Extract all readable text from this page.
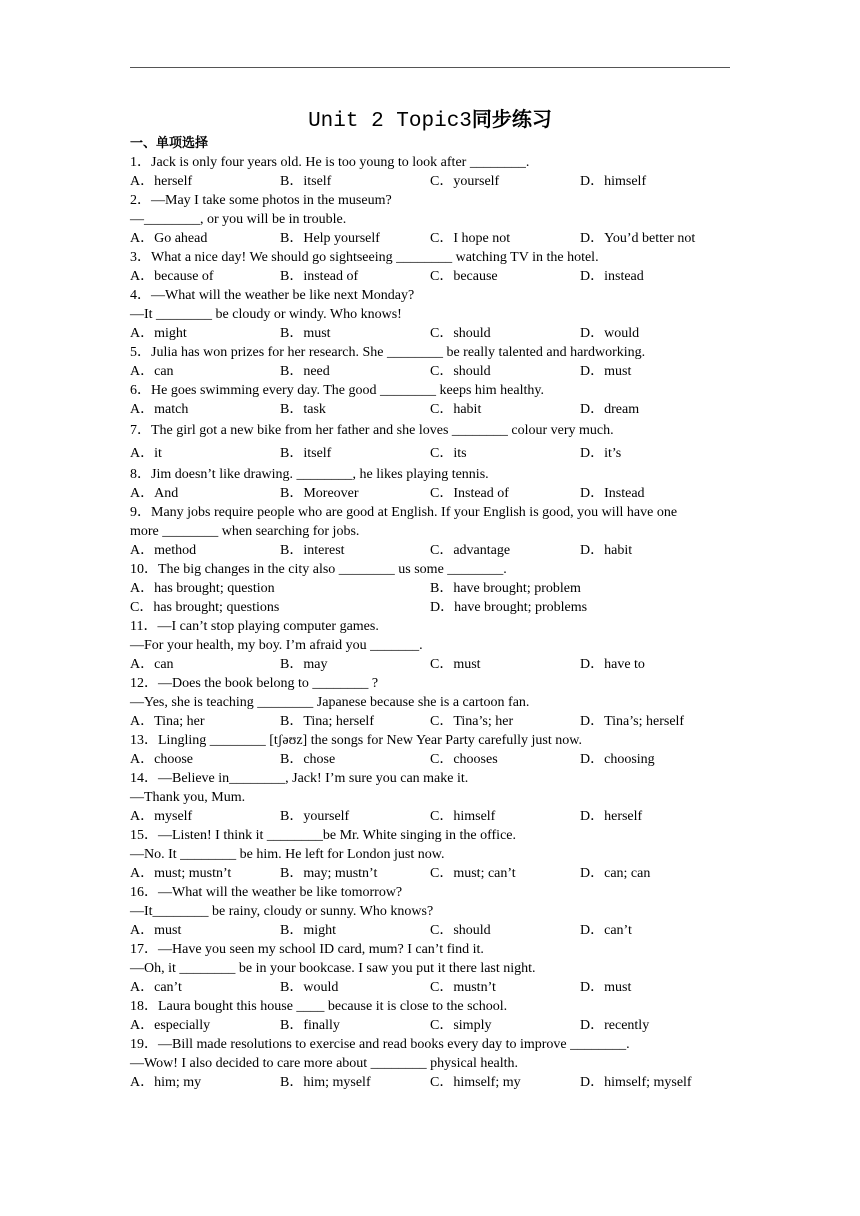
Unit 2 Topic3同步练习
一、单项选择
1．Jack is only four years old. He is too young to look after ________.
A．herself	B．itself	C．yourself	D．himself
2．—May I take some photos in the museum?
—________, or you will be in trouble.
A．Go ahead	B．Help yourself	C．I hope not	D．You’d better not
3．What a nice day! We should go sightseeing ________ watching TV in the hotel.
A．because of	B．instead of	C．because	D．instead
4．—What will the weather be like next Monday?
—It ________ be cloudy or windy. Who knows!
A．might	B．must	C．should	D．would
5．Julia has won prizes for her research. She ________ be really talented and hardworking.
A．can	B．need	C．should	D．must
6．He goes swimming every day. The good ________ keeps him healthy.
A．match	B．task	C．habit	D．dream
7．The girl got a new bike from her father and she loves ________ colour very much.
A．it	B．itself	C．its	D．it’s
8．Jim doesn’t like drawing. ________, he likes playing tennis.
A．And	B．Moreover	C．Instead of	D．Instead
9．Many jobs require people who are good at English. If your English is good, you will have one
more ________ when searching for jobs.
A．method	B．interest	C．advantage	D．habit
10．The big changes in the city also ________ us some ________.
A．has brought; question	B．have brought; problem
C．has brought; questions	D．have brought; problems
11．—I can’t stop playing computer games.
—For your health, my boy. I’m afraid you _______.
A．can	B．may	C．must	D．have to
12．—Does the book belong to ________ ?
—Yes, she is teaching ________ Japanese because she is a cartoon fan.
A．Tina; her	B．Tina; herself	C．Tina’s; her	D．Tina’s; herself
13．Lingling ________ [tʃəʊz] the songs for New Year Party carefully just now.
A．choose	B．chose	C．chooses	D．choosing
14．—Believe in________, Jack! I’m sure you can make it.
—Thank you, Mum.
A．myself	B．yourself	C．himself	D．herself
15．—Listen! I think it ________be Mr. White singing in the office.
—No. It ________ be him. He left for London just now.
A．must; mustn’t	B．may; mustn’t	C．must; can’t	D．can; can
16．—What will the weather be like tomorrow?
—It________ be rainy, cloudy or sunny. Who knows?
A．must	B．might	C．should	D．can’t
17．—Have you seen my school ID card, mum? I can’t find it.
—Oh, it ________ be in your bookcase. I saw you put it there last night.
A．can’t	B．would	C．mustn’t	D．must
18．Laura bought this house ____ because it is close to the school.
A．especially	B．finally	C．simply	D．recently
19．—Bill made resolutions to exercise and read books every day to improve ________.
—Wow! I also decided to care more about ________ physical health.
A．him; my	B．him; myself	C．himself; my	D．himself; myself
